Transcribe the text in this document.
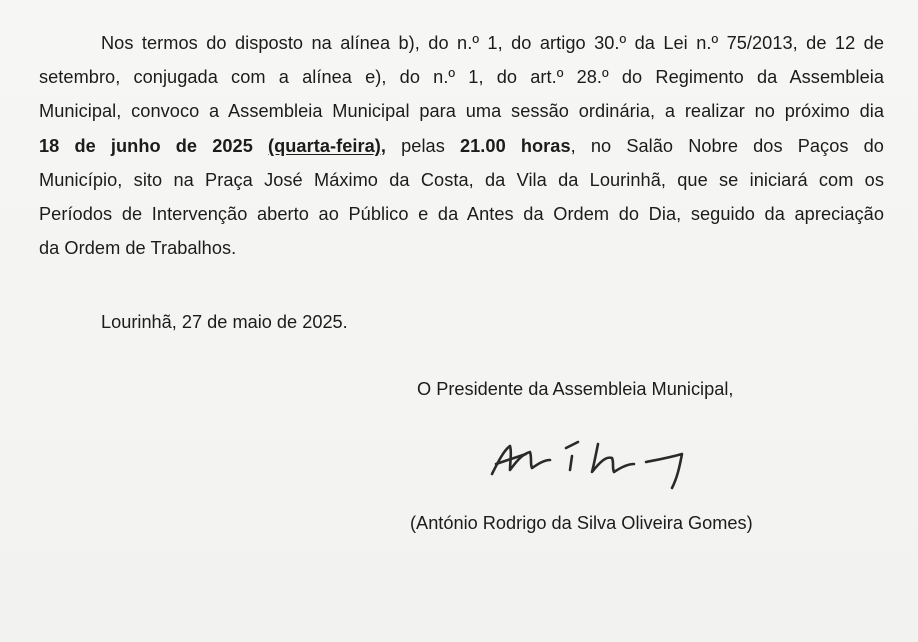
Nos termos do disposto na alínea b), do n.º 1, do artigo 30.º da Lei n.º 75/2013, de 12 de
setembro, conjugada com a alínea e), do n.º 1, do art.º 28.º do Regimento da Assembleia
Municipal, convoco a Assembleia Municipal para uma sessão ordinária, a realizar no próximo dia
18 de junho de 2025 (quarta-feira), pelas 21.00 horas, no Salão Nobre dos Paços do
Município, sito na Praça José Máximo da Costa, da Vila da Lourinhã, que se iniciará com os
Períodos de Intervenção aberto ao Público e da Antes da Ordem do Dia, seguido da apreciação
da Ordem de Trabalhos.
Lourinhã, 27 de maio de 2025.
O Presidente da Assembleia Municipal,
(António Rodrigo da Silva Oliveira Gomes)
